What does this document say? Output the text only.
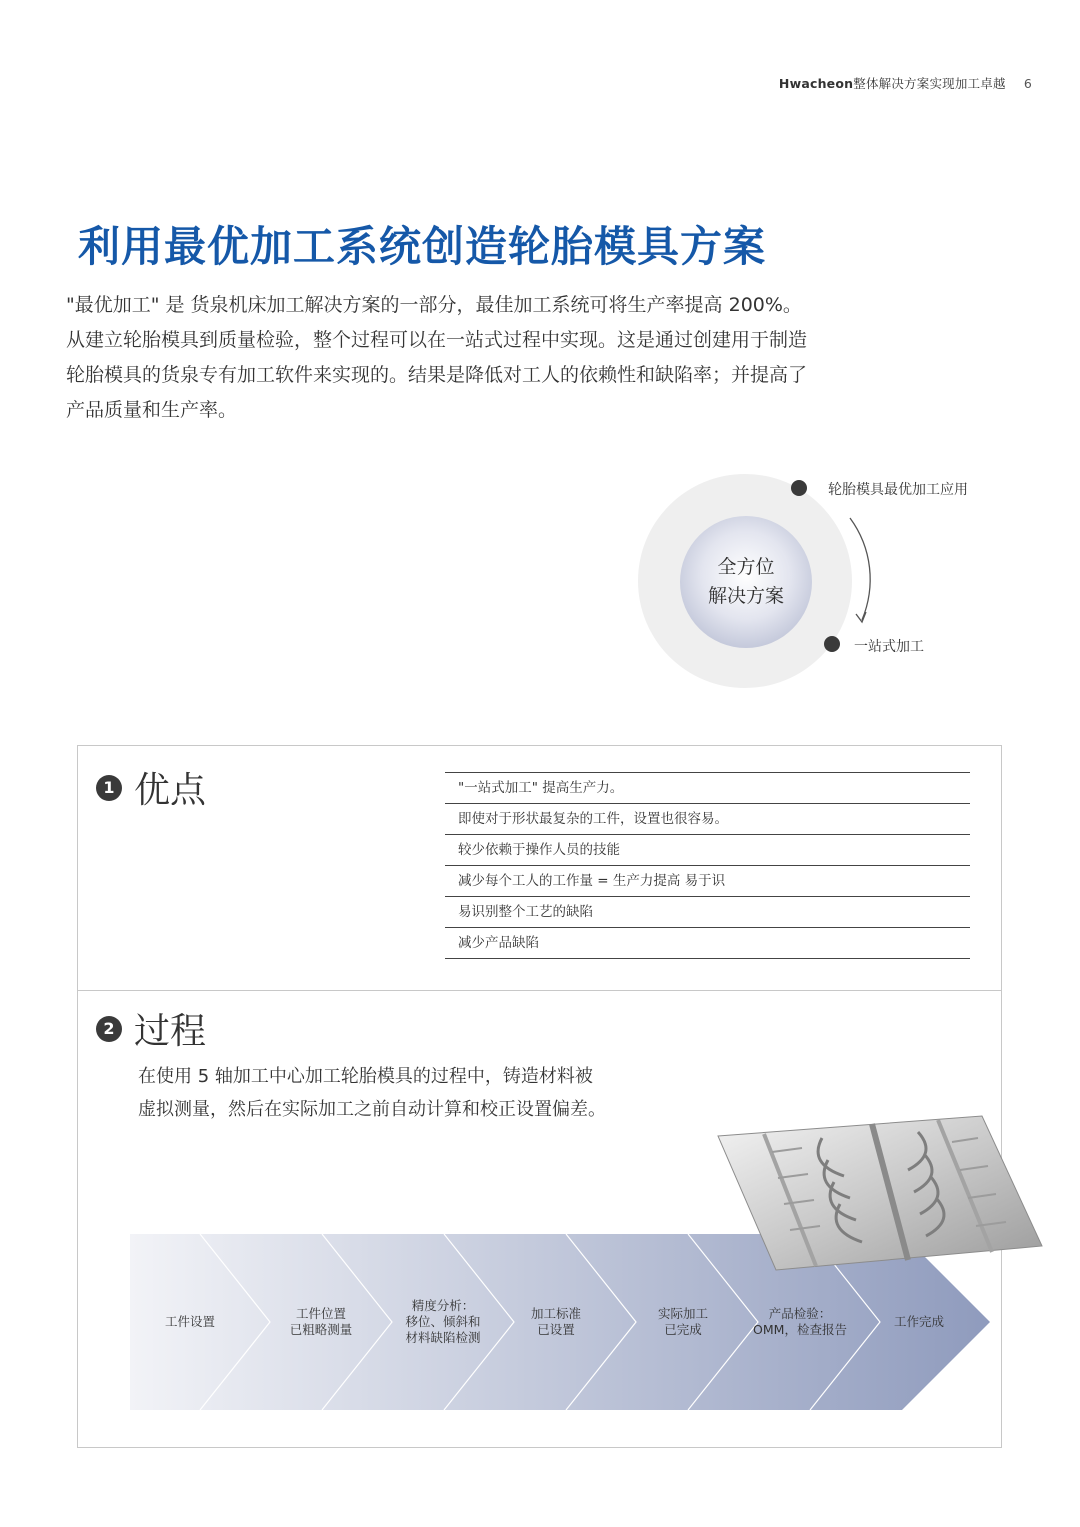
Hwacheon整体解决方案实现加工卓越 6
利用最优加工系统创造轮胎模具方案

"最优加工" 是 货泉机床加工解决方案的一部分，最佳加工系统可将生产率提高 200%。

从建立轮胎模具到质量检验，整个过程可以在一站式过程中实现。这是通过创建用于制造

轮胎模具的货泉专有加工软件来实现的。结果是降低对工人的依赖性和缺陷率；并提高了

产品质量和生产率。

全方位
解决方案
轮胎模具最优加工应用
一站式加工
1 优点	"一站式加工" 提高生产力。
即使对于形状最复杂的工件，设置也很容易。
较少依赖于操作人员的技能
减少每个工人的工作量 = 生产力提高 易于识
易识别整个工艺的缺陷
减少产品缺陷
2 过程

在使用 5 轴加工中心加工轮胎模具的过程中，铸造材料被

虚拟测量，然后在实际加工之前自动计算和校正设置偏差。

工件设置
工件位置
已粗略测量
精度分析：
移位、倾斜和
材料缺陷检测
加工标准
已设置
实际加工
已完成
产品检验：
OMM，检查报告
工作完成
